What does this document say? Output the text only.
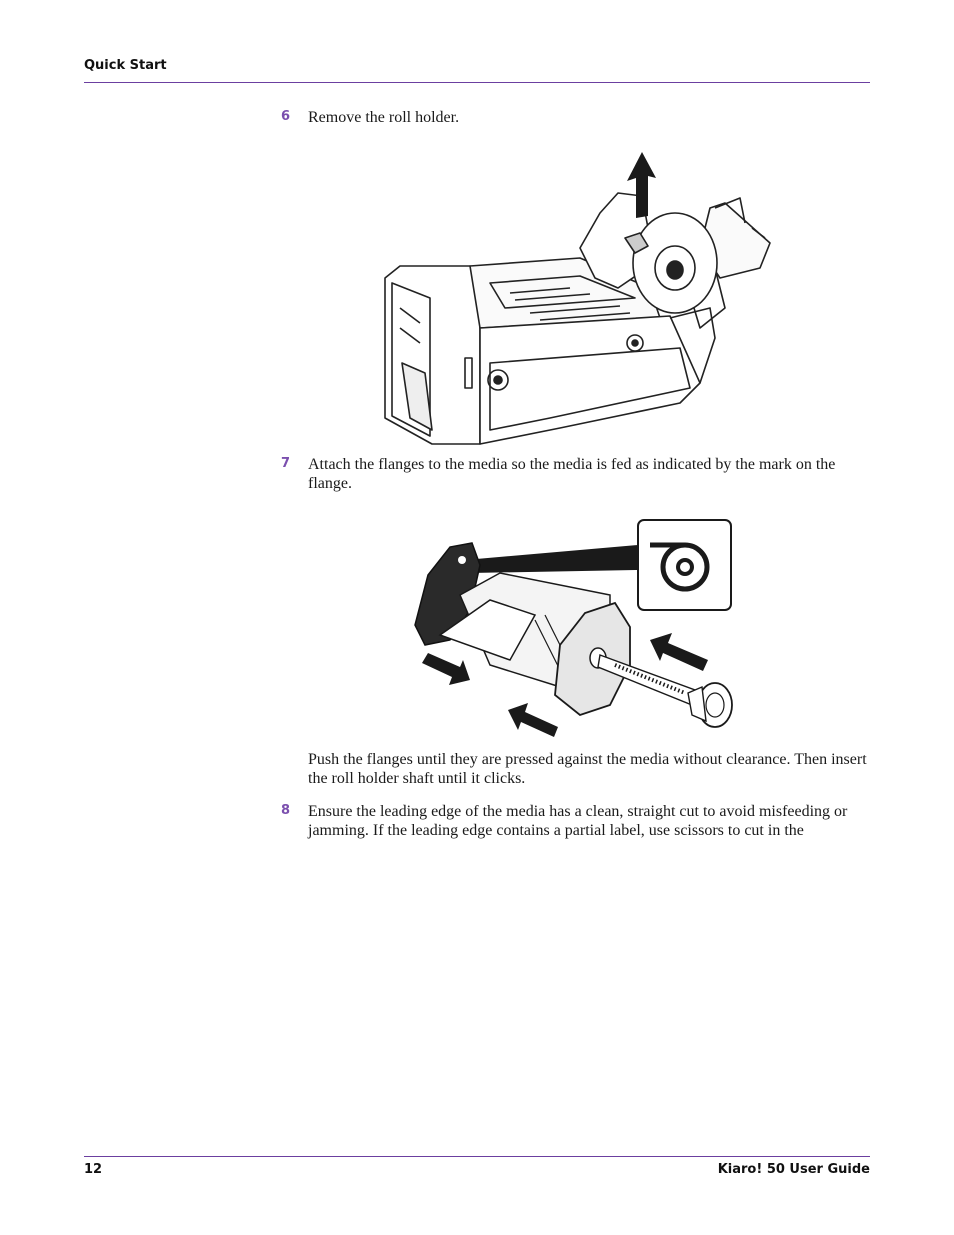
Quick Start
6 Remove the roll holder.
7 Attach the flanges to the media so the media is fed as indicated by the mark on the flange.
Push the flanges until they are pressed against the media without clearance. Then insert the roll holder shaft until it clicks.
8 Ensure the leading edge of the media has a clean, straight cut to avoid misfeeding or jamming. If the leading edge contains a partial label, use scissors to cut in the
12	Kiaro! 50 User Guide
